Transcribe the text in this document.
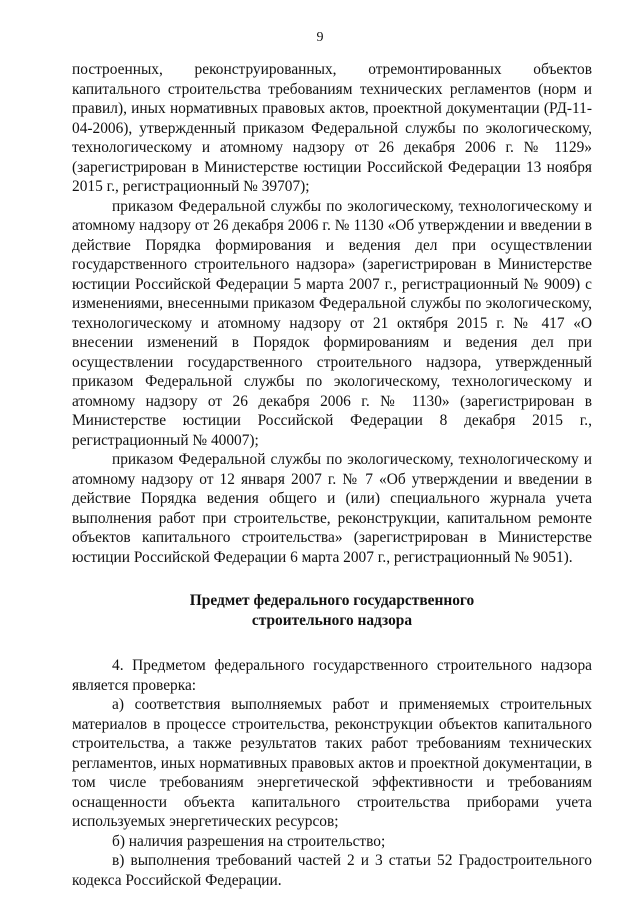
9

построенных, реконструированных, отремонтированных объектов капитального строительства требованиям технических регламентов (норм и правил), иных нормативных правовых актов, проектной документации (РД-11-04-2006), утвержденный приказом Федеральной службы по экологическому, технологическому и атомному надзору от 26 декабря 2006 г. № 1129» (зарегистрирован в Министерстве юстиции Российской Федерации 13 ноября 2015 г., регистрационный № 39707);

приказом Федеральной службы по экологическому, технологическому и атомному надзору от 26 декабря 2006 г. № 1130 «Об утверждении и введении в действие Порядка формирования и ведения дел при осуществлении государственного строительного надзора» (зарегистрирован в Министерстве юстиции Российской Федерации 5 марта 2007 г., регистрационный № 9009) с изменениями, внесенными приказом Федеральной службы по экологическому, технологическому и атомному надзору от 21 октября 2015 г. № 417 «О внесении изменений в Порядок формированиям и ведения дел при осуществлении государственного строительного надзора, утвержденный приказом Федеральной службы по экологическому, технологическому и атомному надзору от 26 декабря 2006 г. № 1130» (зарегистрирован в Министерстве юстиции Российской Федерации 8 декабря 2015 г., регистрационный № 40007);

приказом Федеральной службы по экологическому, технологическому и атомному надзору от 12 января 2007 г. № 7 «Об утверждении и введении в действие Порядка ведения общего и (или) специального журнала учета выполнения работ при строительстве, реконструкции, капитальном ремонте объектов капитального строительства» (зарегистрирован в Министерстве юстиции Российской Федерации 6 марта 2007 г., регистрационный № 9051).

Предмет федерального государственного

строительного надзора

4. Предметом федерального государственного строительного надзора является проверка:

а) соответствия выполняемых работ и применяемых строительных материалов в процессе строительства, реконструкции объектов капитального строительства, а также результатов таких работ требованиям технических регламентов, иных нормативных правовых актов и проектной документации, в том числе требованиям энергетической эффективности и требованиям оснащенности объекта капитального строительства приборами учета используемых энергетических ресурсов;

б) наличия разрешения на строительство;

в) выполнения требований частей 2 и 3 статьи 52 Градостроительного кодекса Российской Федерации.
